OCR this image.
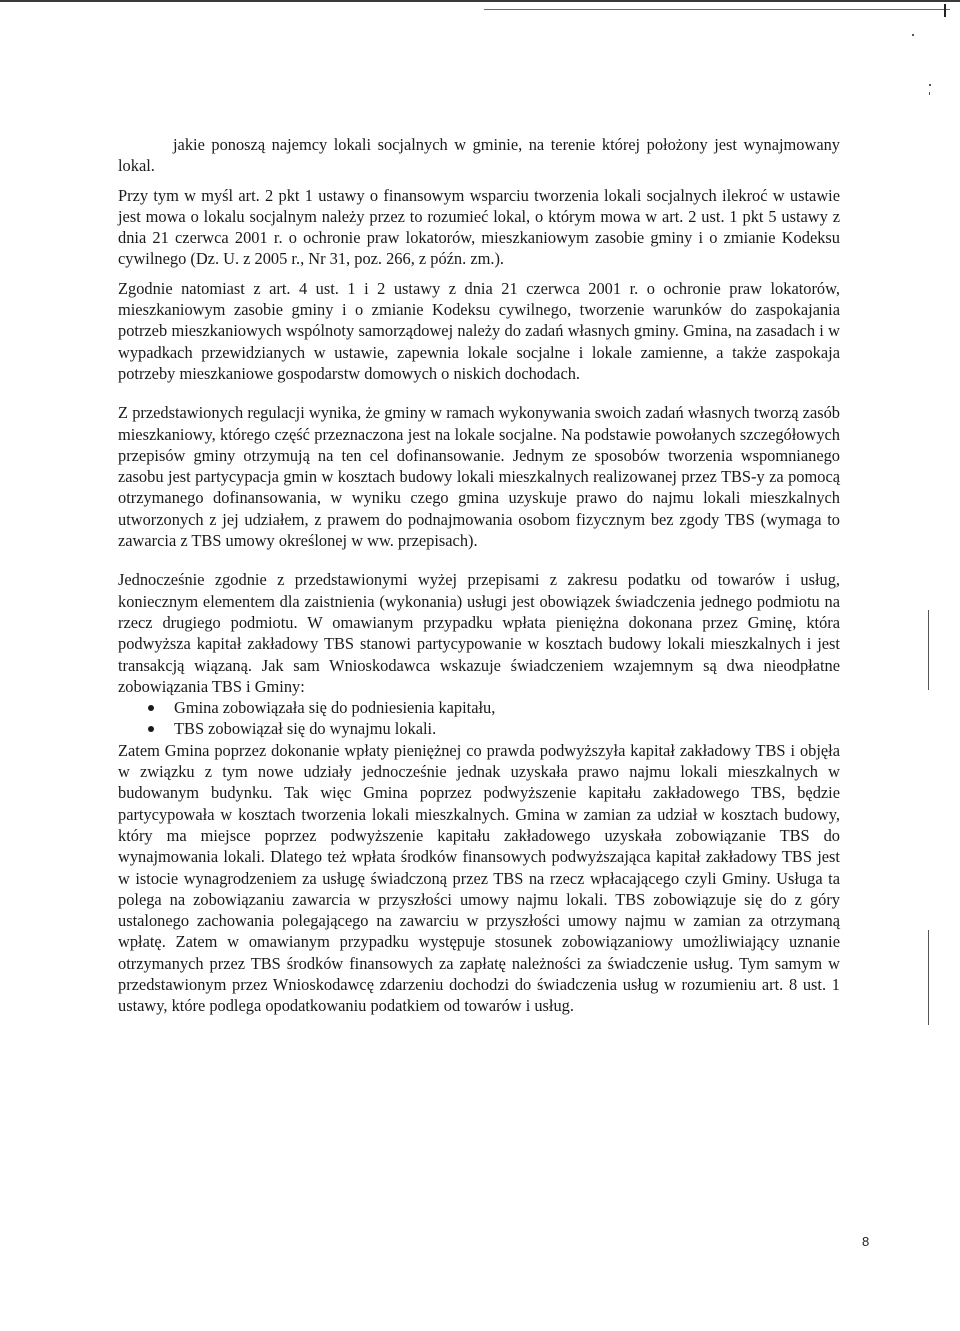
jakie ponoszą najemcy lokali socjalnych w gminie, na terenie której położony jest wynajmowany lokal.

Przy tym w myśl art. 2 pkt 1 ustawy o finansowym wsparciu tworzenia lokali socjalnych ilekroć w ustawie jest mowa o lokalu socjalnym należy przez to rozumieć lokal, o którym mowa w art. 2 ust. 1 pkt 5 ustawy z dnia 21 czerwca 2001 r. o ochronie praw lokatorów, mieszkaniowym zasobie gminy i o zmianie Kodeksu cywilnego (Dz. U. z 2005 r., Nr 31, poz. 266, z późn. zm.).

Zgodnie natomiast z art. 4 ust. 1 i 2 ustawy z dnia 21 czerwca 2001 r. o ochronie praw lokatorów, mieszkaniowym zasobie gminy i o zmianie Kodeksu cywilnego, tworzenie warunków do zaspokajania potrzeb mieszkaniowych wspólnoty samorządowej należy do zadań własnych gminy. Gmina, na zasadach i w wypadkach przewidzianych w ustawie, zapewnia lokale socjalne i lokale zamienne, a także zaspokaja potrzeby mieszkaniowe gospodarstw domowych o niskich dochodach.

Z przedstawionych regulacji wynika, że gminy w ramach wykonywania swoich zadań własnych tworzą zasób mieszkaniowy, którego część przeznaczona jest na lokale socjalne. Na podstawie powołanych szczegółowych przepisów gminy otrzymują na ten cel dofinansowanie. Jednym ze sposobów tworzenia wspomnianego zasobu jest partycypacja gmin w kosztach budowy lokali mieszkalnych realizowanej przez TBS-y za pomocą otrzymanego dofinansowania, w wyniku czego gmina uzyskuje prawo do najmu lokali mieszkalnych utworzonych z jej udziałem, z prawem do podnajmowania osobom fizycznym bez zgody TBS (wymaga to zawarcia z TBS umowy określonej w ww. przepisach).

Jednocześnie zgodnie z przedstawionymi wyżej przepisami z zakresu podatku od towarów i usług, koniecznym elementem dla zaistnienia (wykonania) usługi jest obowiązek świadczenia jednego podmiotu na rzecz drugiego podmiotu. W omawianym przypadku wpłata pieniężna dokonana przez Gminę, która podwyższa kapitał zakładowy TBS stanowi partycypowanie w kosztach budowy lokali mieszkalnych i jest transakcją wiązaną. Jak sam Wnioskodawca wskazuje świadczeniem wzajemnym są dwa nieodpłatne zobowiązania TBS i Gminy:

Gmina zobowiązała się do podniesienia kapitału,
TBS zobowiązał się do wynajmu lokali.

Zatem Gmina poprzez dokonanie wpłaty pieniężnej co prawda podwyższyła kapitał zakładowy TBS i objęła w związku z tym nowe udziały jednocześnie jednak uzyskała prawo najmu lokali mieszkalnych w budowanym budynku. Tak więc Gmina poprzez podwyższenie kapitału zakładowego TBS, będzie partycypowała w kosztach tworzenia lokali mieszkalnych. Gmina w zamian za udział w kosztach budowy, który ma miejsce poprzez podwyższenie kapitału zakładowego uzyskała zobowiązanie TBS do wynajmowania lokali. Dlatego też wpłata środków finansowych podwyższająca kapitał zakładowy TBS jest w istocie wynagrodzeniem za usługę świadczoną przez TBS na rzecz wpłacającego czyli Gminy. Usługa ta polega na zobowiązaniu zawarcia w przyszłości umowy najmu lokali. TBS zobowiązuje się do z góry ustalonego zachowania polegającego na zawarciu w przyszłości umowy najmu w zamian za otrzymaną wpłatę. Zatem w omawianym przypadku występuje stosunek zobowiązaniowy umożliwiający uznanie otrzymanych przez TBS środków finansowych za zapłatę należności za świadczenie usług. Tym samym w przedstawionym przez Wnioskodawcę zdarzeniu dochodzi do świadczenia usług w rozumieniu art. 8 ust. 1 ustawy, które podlega opodatkowaniu podatkiem od towarów i usług.

8
